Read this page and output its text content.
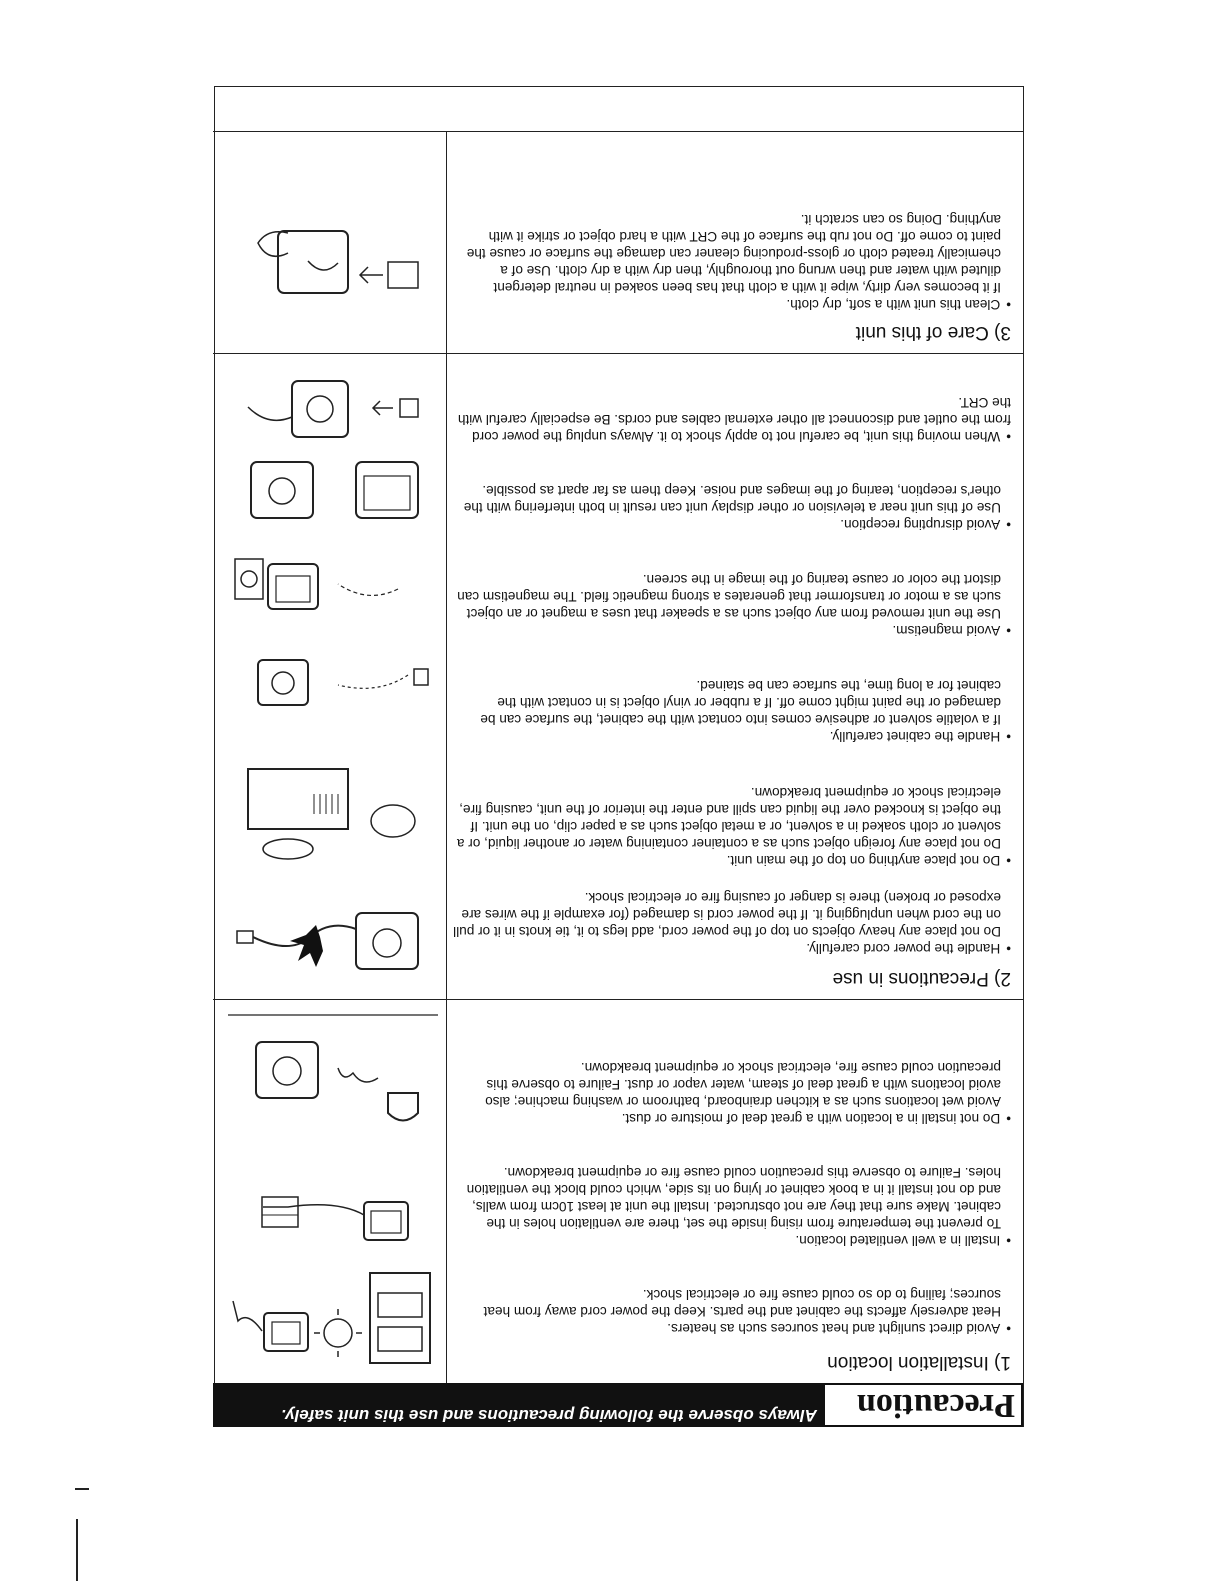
Precaution
Always observe the following precautions and use this unit safely.
1) Installation location

• Avoid direct sunlight and heat sources such as heaters.

Heat adversely affects the cabinet and the parts. Keep the power cord away from heat sources; failing to do so could cause fire or electrical shock.

• Install in a well ventilated location.

To prevent the temperature from rising inside the set, there are ventilation holes in the cabinet. Make sure that they are not obstructed. Install the unit at least 10cm from walls, and do not install it in a book cabinet or lying on its side, which could block the ventilation holes. Failure to observe this precaution could cause fire or equipment breakdown.

• Do not install in a location with a great deal of moisture or dust.

Avoid wet locations such as a kitchen drainboard, bathroom or washing machine; also avoid locations with a great deal of steam, water vapor or dust. Failure to observe this precaution could cause fire, electrical shock or equipment breakdown.

2) Precautions in use

• Handle the power cord carefully.

Do not place any heavy objects on top of the power cord, add legs to it, tie knots in it or pull on the cord when unplugging it. If the power cord is damaged (for example if the wires are exposed or broken) there is danger of causing fire or electrical shock.

• Do not place anything on top of the main unit.

Do not place any foreign object such as a container containing water or another liquid, or a solvent or cloth soaked in a solvent, or a metal object such as a paper clip, on the unit. If the object is knocked over the liquid can spill and enter the interior of the unit, causing fire, electrical shock or equipment breakdown.

• Handle the cabinet carefully.

If a volatile solvent or adhesive comes into contact with the cabinet, the surface can be damaged or the paint might come off. If a rubber or vinyl object is in contact with the cabinet for a long time, the surface can be stained.

• Avoid magnetism.

Use the unit removed from any object such as a speaker that uses a magnet or an object such as a motor or transformer that generates a strong magnetic field. The magnetism can distort the color or cause tearing of the image in the screen.

• Avoid disrupting reception.

Use of this unit near a television or other display unit can result in both interfering with the other's reception, tearing of the images and noise. Keep them as far apart as possible.

• When moving this unit, be careful not to apply shock to it. Always unplug the power cord from the outlet and disconnect all other external cables and cords. Be especially careful with the CRT.

3) Care of this unit

• Clean this unit with a soft, dry cloth.

If it becomes very dirty, wipe it with a cloth that has been soaked in neutral detergent diluted with water and then wrung out thoroughly, then dry with a dry cloth. Use of a chemically treated cloth or gloss-producing cleaner can damage the surface or cause the paint to come off. Do not rub the surface of the CRT with a hard object or strike it with anything. Doing so can scratch it.
